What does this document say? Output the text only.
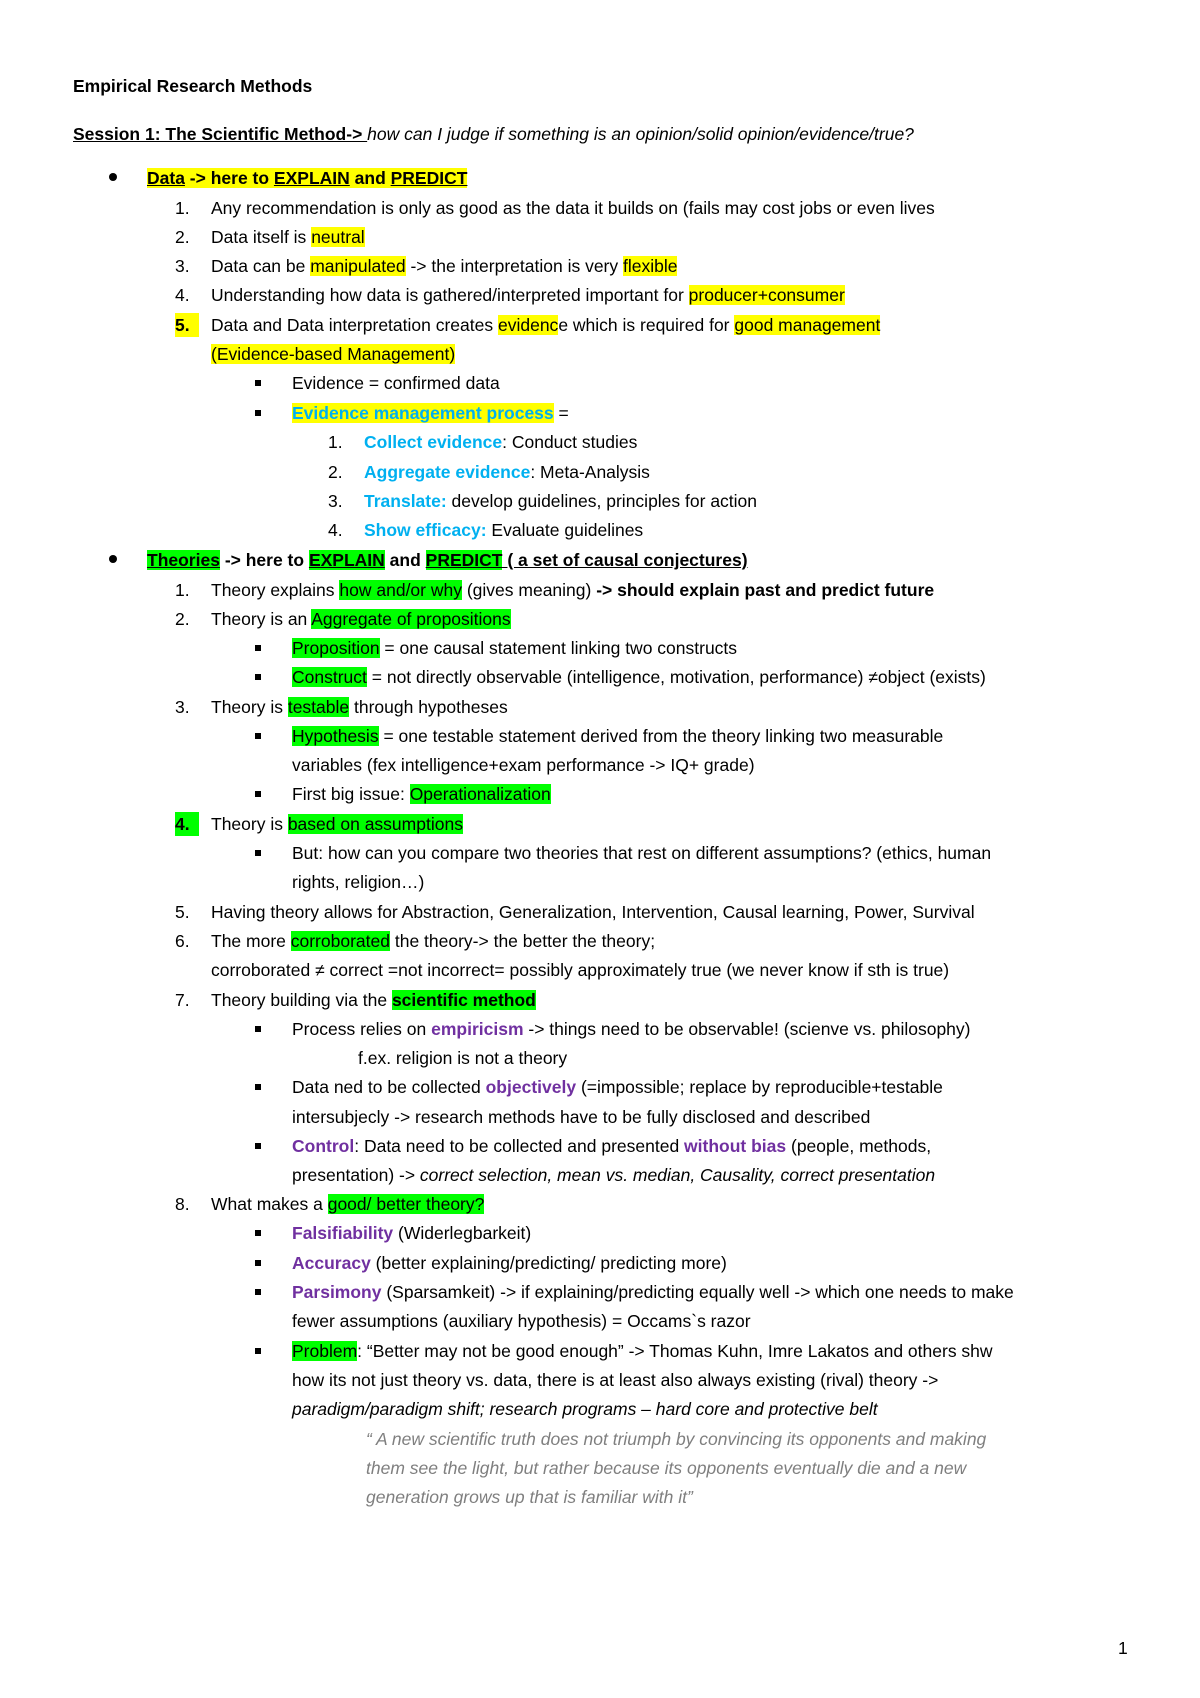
Empirical Research Methods
Session 1: The Scientific Method-> how can I judge if something is an opinion/solid opinion/evidence/true?
Data -> here to EXPLAIN and PREDICT
1.	Any recommendation is only as good as the data it builds on (fails may cost jobs or even lives
2.	Data itself is neutral
3.	Data can be manipulated -> the interpretation is very flexible
4.	Understanding how data is gathered/interpreted important for producer+consumer
5.	Data and Data interpretation creates evidence which is required for good management
(Evidence-based Management)
Evidence = confirmed data
Evidence management process =
1.	Collect evidence: Conduct studies
2.	Aggregate evidence: Meta-Analysis
3.	Translate: develop guidelines, principles for action
4.	Show efficacy: Evaluate guidelines
Theories -> here to EXPLAIN and PREDICT ( a set of causal conjectures)
1.	Theory explains how and/or why (gives meaning) -> should explain past and predict future
2.	Theory is an Aggregate of propositions
Proposition = one causal statement linking two constructs
Construct = not directly observable (intelligence, motivation, performance) ≠object (exists)
3.	Theory is testable through hypotheses
Hypothesis = one testable statement derived from the theory linking two measurable
variables (fex intelligence+exam performance -> IQ+ grade)
First big issue: Operationalization
4.	Theory is based on assumptions
But: how can you compare two theories that rest on different assumptions? (ethics, human
rights, religion…)
5.	Having theory allows for Abstraction, Generalization, Intervention, Causal learning, Power, Survival
6.	The more corroborated the theory-> the better the theory;
corroborated ≠ correct =not incorrect= possibly approximately true (we never know if sth is true)
7.	Theory building via the scientific method
Process relies on empiricism -> things need to be observable! (scienve vs. philosophy)
f.ex. religion is not a theory
Data ned to be collected objectively (=impossible; replace by reproducible+testable
intersubjecly -> research methods have to be fully disclosed and described
Control: Data need to be collected and presented without bias (people, methods,
presentation) -> correct selection, mean vs. median, Causality, correct presentation
8.	What makes a good/ better theory?
Falsifiability (Widerlegbarkeit)
Accuracy (better explaining/predicting/ predicting more)
Parsimony (Sparsamkeit) -> if explaining/predicting equally well -> which one needs to make
fewer assumptions (auxiliary hypothesis) = Occams`s razor
Problem: “Better may not be good enough” -> Thomas Kuhn, Imre Lakatos and others shw
how its not just theory vs. data, there is at least also always existing (rival) theory ->
paradigm/paradigm shift; research programs – hard core and protective belt
“ A new scientific truth does not triumph by convincing its opponents and making
them see the light, but rather because its opponents eventually die and a new
generation grows up that is familiar with it”
1
